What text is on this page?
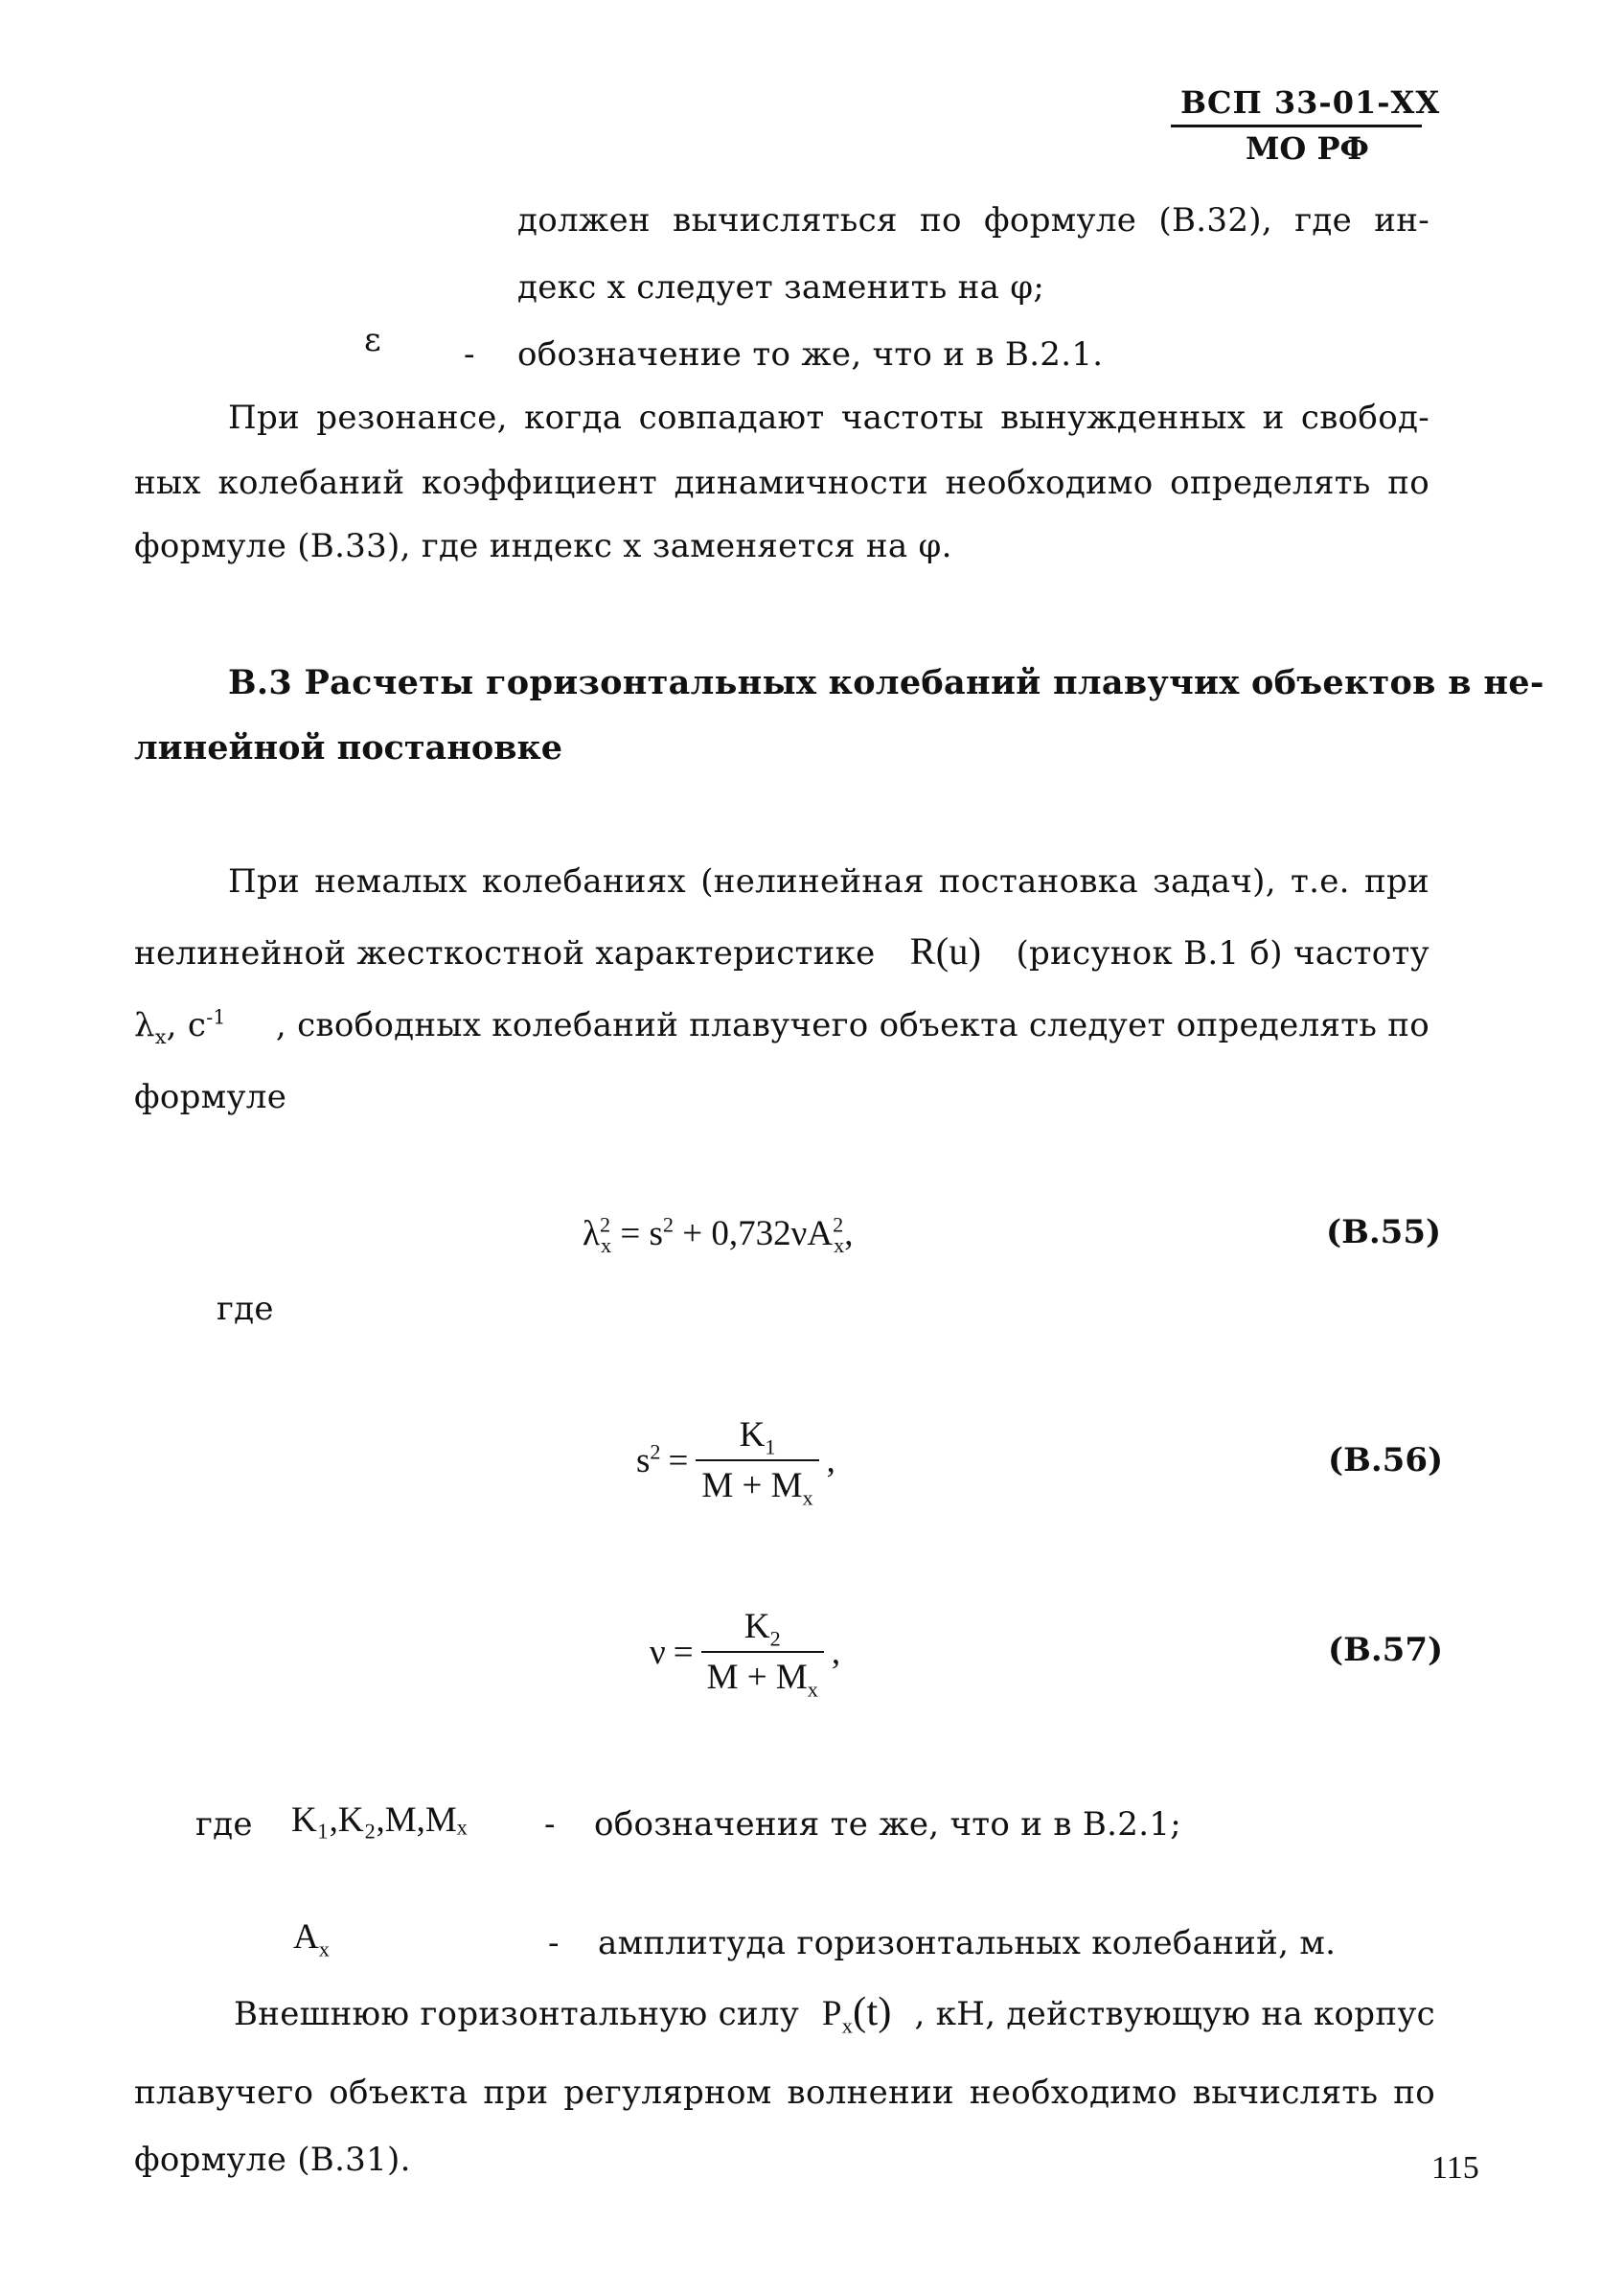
ВСП 33-01-ХХ
МО РФ
должен вычисляться по формуле (В.32), где ин-
декс х следует заменить на φ;
ε	- обозначение то же, что и в В.2.1.
При резонансе, когда совпадают частоты вынужденных и свобод-
ных колебаний коэффициент динамичности необходимо определять по
формуле (В.33), где индекс х заменяется на φ.
В.3 Расчеты горизонтальных колебаний плавучих объектов в не-
линейной постановке
При немалых колебаниях (нелинейная постановка задач), т.е. при
нелинейной жесткостной характеристике R(u) (рисунок В.1 б) частоту
$\lambda_x$, $с^{-1}$ , свободных колебаний плавучего объекта следует определять по
формуле
$\lambda^2_x = s^2 + 0,732\nu A^2_x$,	(В.55)
где
$s^2 = \frac{K_1}{M + M_x}$ ,	(В.56)
$\nu = \frac{K_2}{M + M_x}$ ,	(В.57)
где K₁,K₂,M,Mₓ - обозначения те же, что и в В.2.1;
$A_x$	- амплитуда горизонтальных колебаний, м.
Внешнюю горизонтальную силу $P_x(t)$ , кН, действующую на корпус
плавучего объекта при регулярном волнении необходимо вычислять по
формуле (В.31).	115
